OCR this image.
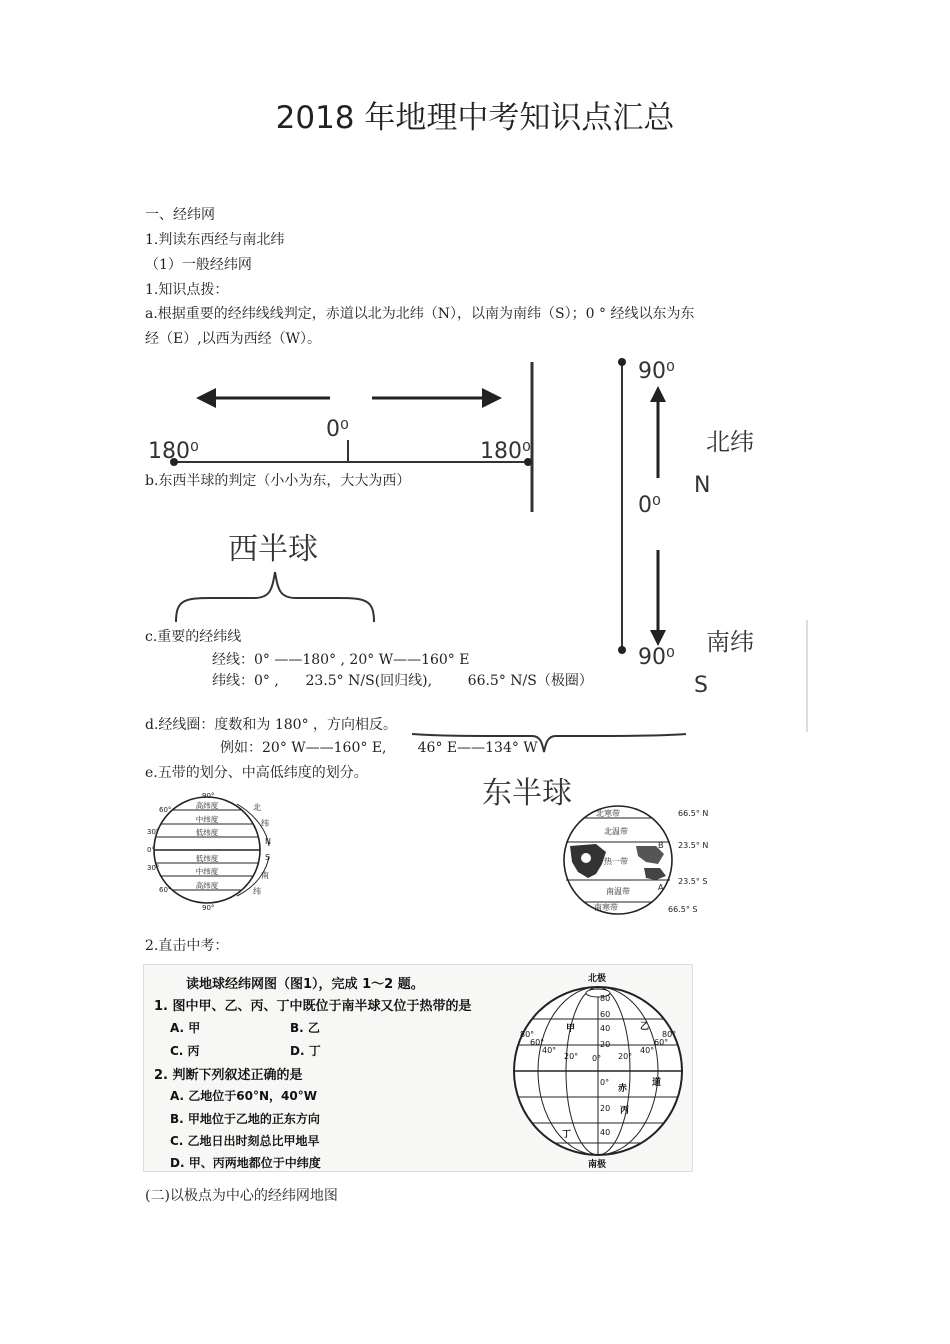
2018 年地理中考知识点汇总
180⁰
0⁰
180⁰
90⁰
0⁰
90⁰
北纬
N
南纬
S
西半球
东半球
一、经纬网
1.判读东西经与南北纬
（1）一般经纬网
1.知识点拨：
a.根据重要的经纬线线判定，赤道以北为北纬（N），以南为南纬（S）；0 ° 经线以东为东
经（E）,以西为西经（W）。
b.东西半球的判定（小小为东，大大为西）
c.重要的经纬线
经线：0° ——180° , 20° W——160° E
纬线：0° ,      23.5° N/S(回归线),        66.5° N/S（极圈）
d.经线圈：度数和为 180° ，方向相反。
例如：20° W——160° E,       46° E——134° W
e.五带的划分、中高低纬度的划分。
高纬度
中纬度
低纬度
低纬度
中纬度
高纬度
90°
60°
30°
0°
30°
60°
90°
北
纬
N
S
南
纬
北寒带
北温带
热一带
南温带
南寒带
B
A
66.5° N
23.5° N
23.5° S
66.5° S
2.直击中考：
读地球经纬网图（图1），完成 1～2 题。
1. 图中甲、乙、丙、丁中既位于南半球又位于热带的是
A. 甲	B. 乙
C. 丙	D. 丁
2. 判断下列叙述正确的是
A. 乙地位于60°N，40°W
B. 甲地位于乙地的正东方向
C. 乙地日出时刻总比甲地早
D. 甲、丙两地都位于中纬度
北极
南极
甲	乙
丙
丁
赤
道
80°
60°
40°
20° 0° 20°
40°
60°
80°
80
60
40
20
0°
20
40
(二)以极点为中心的经纬网地图
